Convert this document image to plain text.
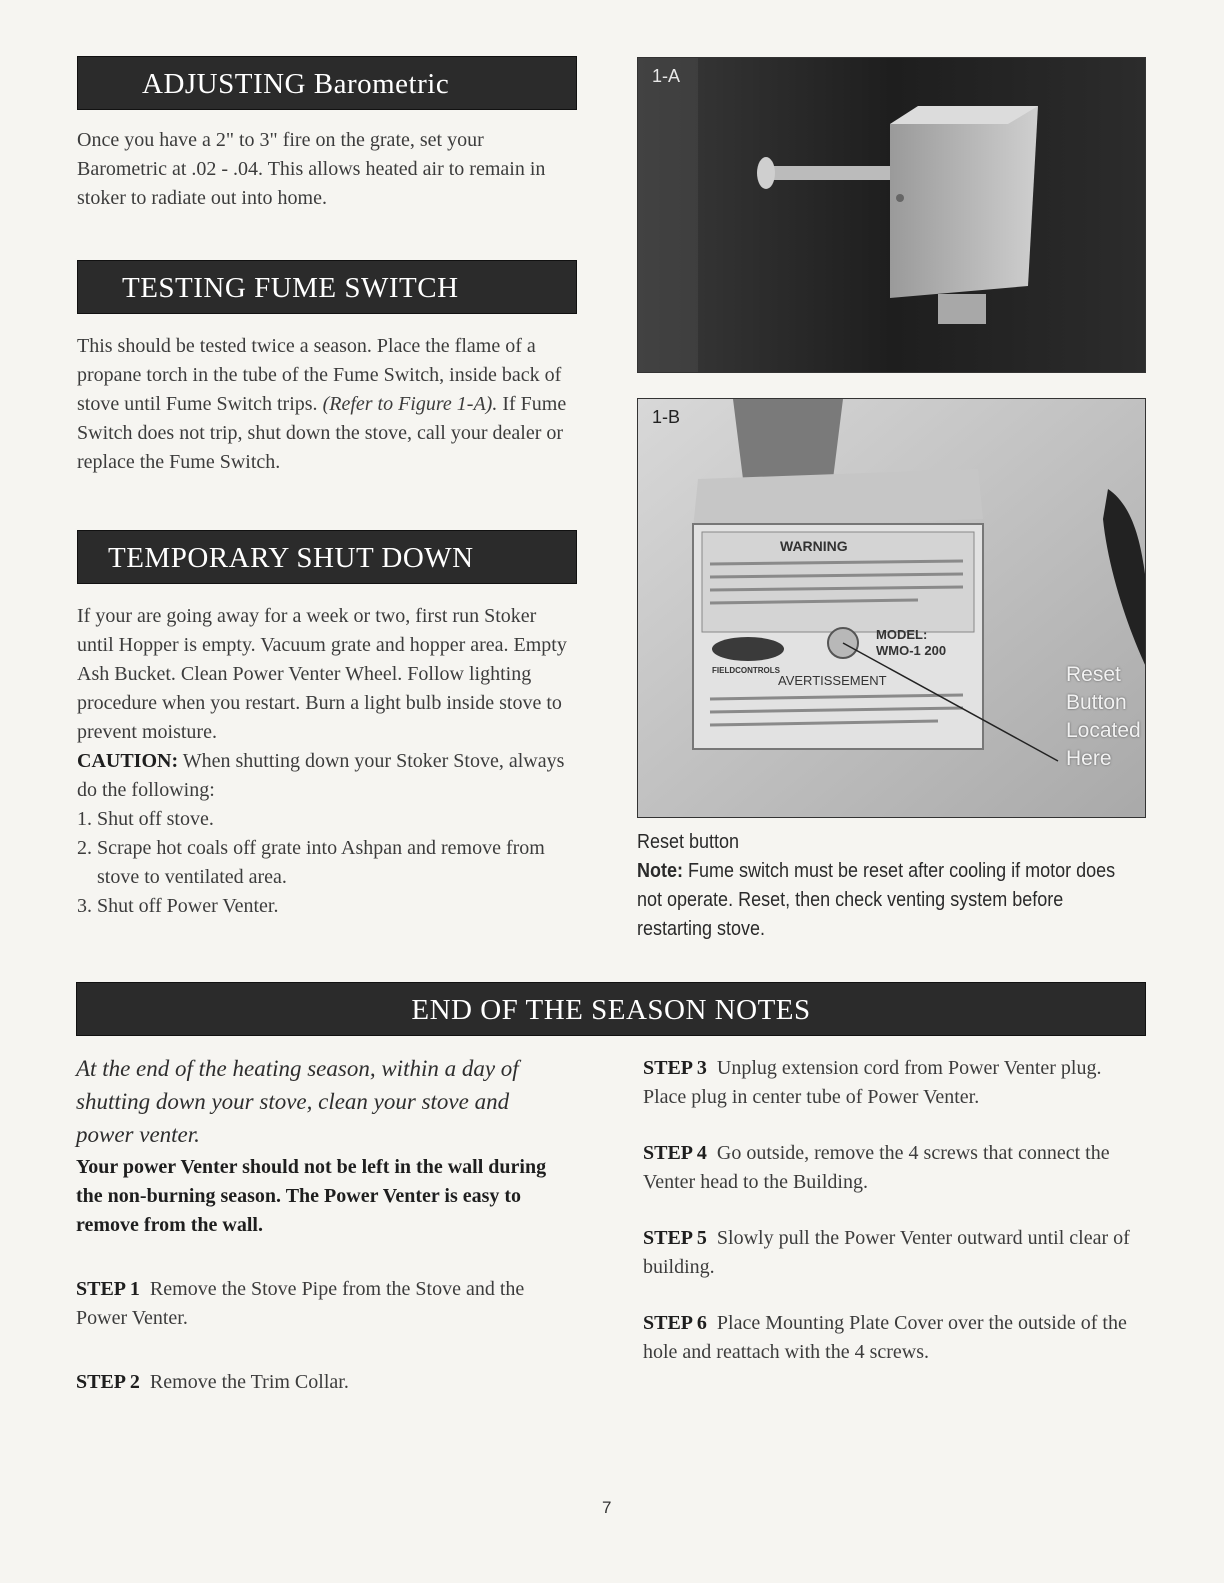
ADJUSTING Barometric

Once you have a 2" to 3" fire on the grate, set your Barometric at .02 - .04. This allows heated air to remain in stoker to radiate out into home.

TESTING FUME SWITCH

This should be tested twice a season. Place the flame of a propane torch in the tube of the Fume Switch, inside back of stove until Fume Switch trips. (Refer to Figure 1-A). If Fume Switch does not trip, shut down the stove, call your dealer or replace the Fume Switch.

TEMPORARY SHUT DOWN

If your are going away for a week or two, first run Stoker until Hopper is empty. Vacuum grate and hopper area. Empty Ash Bucket. Clean Power Venter Wheel. Follow lighting procedure when you restart. Burn a light bulb inside stove to prevent moisture.

CAUTION: When shutting down your Stoker Stove, always do the following:

1. Shut off stove.

2. Scrape hot coals off grate into Ashpan and remove from stove to ventilated area.

3. Shut off Power Venter.

1-A
WARNING
MODEL:
WMO-1 200
FIELDCONTROLS
AVERTISSEMENT
1-B
Reset
Button
Located
Here
Reset button
Note: Fume switch must be reset after cooling if motor does not operate. Reset, then check venting system before restarting stove.
END OF THE SEASON NOTES

At the end of the heating season, within a day of shutting down your stove, clean your stove and power venter.

Your power Venter should not be left in the wall during the non-burning season. The Power Venter is easy to remove from the wall.

STEP 1 Remove the Stove Pipe from the Stove and the Power Venter.

STEP 2 Remove the Trim Collar.

STEP 3 Unplug extension cord from Power Venter plug. Place plug in center tube of Power Venter.

STEP 4 Go outside, remove the 4 screws that connect the Venter head to the Building.

STEP 5 Slowly pull the Power Venter outward until clear of building.

STEP 6 Place Mounting Plate Cover over the outside of the hole and reattach with the 4 screws.

7
